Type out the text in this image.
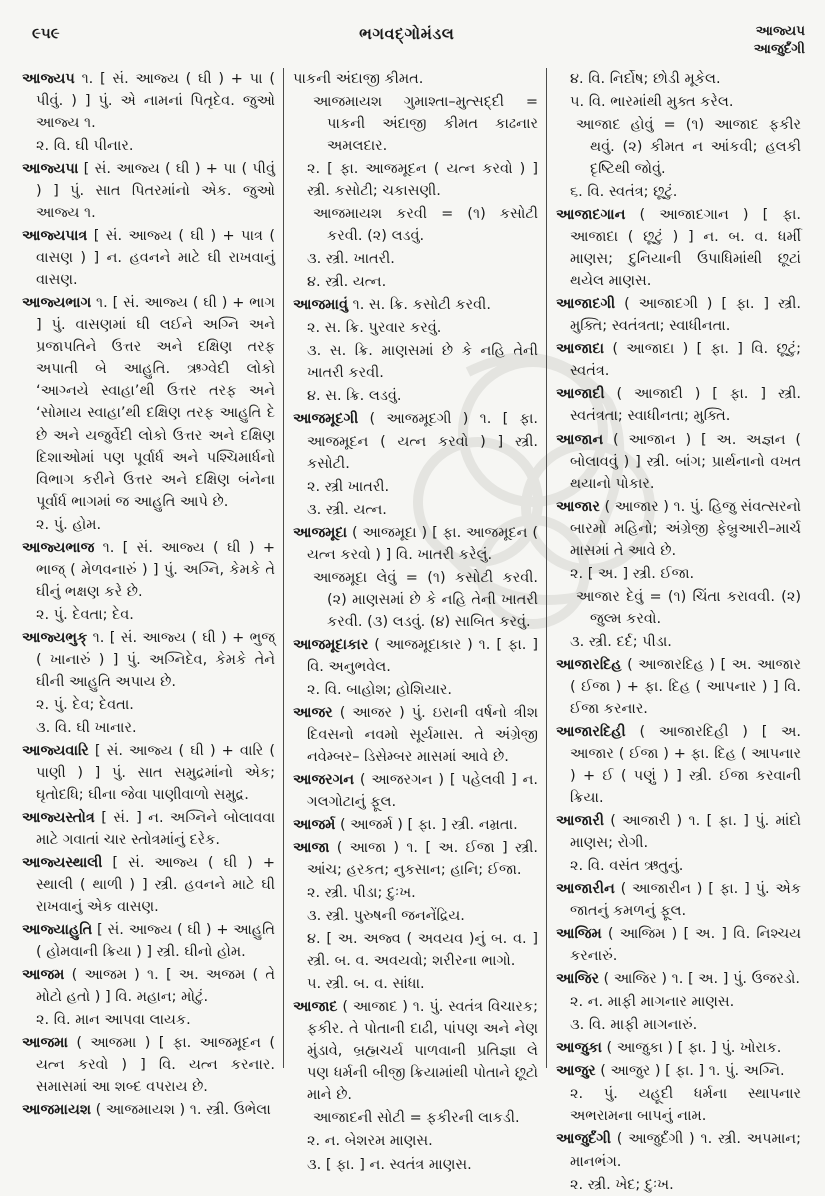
૯૫૯	ભગવદ્ગોમંડલ	આજ્યપ
આજુર્દંગી

આજ્યપ ૧. [ સં. આજ્ય ( ઘી ) + પા ( પીવું. ) ] પું. એ નામનાં પિતૃદેવ. જુઓ આજ્ય ૧.

૨. વિ. ઘી પીનાર.

આજ્યપા [ સં. આજ્ય ( ઘી ) + પા ( પીવું ) ] પું. સાત પિતરમાંનો એક. જુઓ આજ્ય ૧.

આજ્યપાત્ર [ સં. આજ્ય ( ઘી ) + પાત્ર ( વાસણ ) ] ન. હવનને માટે ઘી રાખવાનું વાસણ.

આજ્યભાગ ૧. [ સં. આજ્ય ( ઘી ) + ભાગ ] પું. વાસણમાં ઘી લઈને અગ્નિ અને પ્રજાપતિને ઉત્તર અને દક્ષિણ તરફ અપાતી બે આહુતિ. ઋગ્વેદી લોકો ‘આગ્નયે સ્વાહા’થી ઉત્તર તરફ અને ‘સોમાય સ્વાહા’થી દક્ષિણ તરફ આહુતિ દે છે અને યજુર્વેદી લોકો ઉત્તર અને દક્ષિણ દિશાઓમાં પણ પૂર્વાર્ધ અને પશ્ચિમાર્ધનો વિભાગ કરીને ઉત્તર અને દક્ષિણ બંનેના પૂર્વાર્ધ ભાગમાં જ આહુતિ આપે છે.

૨. પું. હોમ.

આજ્યભાજ ૧. [ સં. આજ્ય ( ઘી ) + ભાજ્ ( મેળવનારું ) ] પું. અગ્નિ, કેમકે તે ઘીનું ભક્ષણ કરે છે.

૨. પું. દેવતા; દેવ.

આજ્યભુક્ ૧. [ સં. આજ્ય ( ઘી ) + ભુજ્ ( ખાનારું ) ] પું. અગ્નિદેવ, કેમકે તેને ઘીની આહુતિ અપાય છે.

૨. પું. દેવ; દેવતા.

૩. વિ. ઘી ખાનાર.

આજ્યવારિ [ સં. આજ્ય ( ઘી ) + વારિ ( પાણી ) ] પું. સાત સમુદ્રમાંનો એક; ઘૃતોદધિ; ઘીના જેવા પાણીવાળો સમુદ્ર.

આજ્યસ્તોત્ર [ સં. ] ન. અગ્નિને બોલાવવા માટે ગવાતાં ચાર સ્તોત્રમાંનું દરેક.

આજ્યસ્થાલી [ સં. આજ્ય ( ઘી ) + સ્થાલી ( થાળી ) ] સ્ત્રી. હવનને માટે ઘી રાખવાનું એક વાસણ.

આજ્યાહુતિ [ સં. આજ્ય ( ઘી ) + આહુતિ ( હોમવાની ક્રિયા ) ] સ્ત્રી. ઘીનો હોમ.

આજમ ( આજમ ) ૧. [ અ. અજમ ( તે મોટો હતો ) ] વિ. મહાન; મોટું.

૨. વિ. માન આપવા લાયક.

આજમા ( આજમા ) [ ફા. આજમૂદન ( યત્ન કરવો ) ] વિ. યત્ન કરનાર. સમાસમાં આ શબ્દ વપરાય છે.

આજમાયશ ( આજમાયશ ) ૧. સ્ત્રી. ઉભેલા

પાકની અંદાજી કીમત.

આજમાયશ ગુમાશ્તા–મુત્સદ્દી = પાકની અંદાજી કીમત કાઢનાર અમલદાર.

૨. [ ફા. આજમૂદન ( યત્ન કરવો ) ] સ્ત્રી. કસોટી; ચકાસણી.

આજમાયશ કરવી = (૧) કસોટી કરવી. (૨) લડવું.

૩. સ્ત્રી. ખાતરી.

૪. સ્ત્રી. યત્ન.

આજમાવું ૧. સ. ક્રિ. કસોટી કરવી.

૨. સ. ક્રિ. પુરવાર કરવું.

૩. સ. ક્રિ. માણસમાં છે કે નહિ તેની ખાતરી કરવી.

૪. સ. ક્રિ. લડવું.

આજમૂદગી ( આજમૂદગી ) ૧. [ ફા. આજમૂદન ( યત્ન કરવો ) ] સ્ત્રી. કસોટી.

૨. સ્ત્રી ખાતરી.

૩. સ્ત્રી. યત્ન.

આજમૂદા ( આજમૂદા ) [ ફા. આજમૂદન ( યત્ન કરવો ) ] વિ. ખાતરી કરેલું.

આજમૂદા લેવું = (૧) કસોટી કરવી. (૨) માણસમાં છે કે નહિ તેની ખાતરી કરવી. (૩) લડવું. (૪) સાબિત કરવું.

આજમૂદાકાર ( આજમૂદાકાર ) ૧. [ ફા. ] વિ. અનુભવેલ.

૨. વિ. બાહોશ; હોશિયાર.

આજર ( આજર ) પું. ઇરાની વર્ષનો ત્રીશ દિવસનો નવમો સૂર્યમાસ. તે અંગ્રેજી નવેમ્બર– ડિસેમ્બર માસમાં આવે છે.

આજરગન ( આજરગન ) [ પહેલવી ] ન. ગલગોટાનું ફૂલ.

આજર્મ ( આજર્મ ) [ ફા. ] સ્ત્રી. નમ્રતા.

આજા ( આજા ) ૧. [ અ. ઈજા ] સ્ત્રી. આંચ; હરકત; નુકસાન; હાનિ; ઈજા.

૨. સ્ત્રી. પીડા; દુઃખ.

૩. સ્ત્રી. પુરુષની જનનેંદ્રિય.

૪. [ અ. અજ્વ ( અવયવ )નું બ. વ. ] સ્ત્રી. બ. વ. અવયવો; શરીરના ભાગો.

૫. સ્ત્રી. બ. વ. સાંધા.

આજાદ ( આજાદ ) ૧. પું. સ્વતંત્ર વિચારક; ફકીર. તે પોતાની દાઢી, પાંપણ અને નેણ મુંડાવે, બ્રહ્મચર્ય પાળવાની પ્રતિજ્ઞા લે પણ ધર્મની બીજી ક્રિયામાંથી પોતાને છૂટો માને છે.

આજાદની સોટી = ફકીરની લાકડી.

૨. ન. બેશરમ માણસ.

૩. [ ફા. ] ન. સ્વતંત્ર માણસ.

૪. વિ. નિર્દોષ; છોડી મૂકેલ.

૫. વિ. ભારમાંથી મુક્ત કરેલ.

આજાદ હોવું = (૧) આજાદ ફકીર થવું. (૨) કીમત ન આંકવી; હલકી દૃષ્ટિથી જોવું.

૬. વિ. સ્વતંત્ર; છૂટું.

આજાદગાન ( આજાદગાન ) [ ફા. આજાદા ( છૂટું ) ] ન. બ. વ. ધર્મી માણસ; દુનિયાની ઉપાધિમાંથી છૂટાં થયેલ માણસ.

આજાદગી ( આજાદગી ) [ ફા. ] સ્ત્રી. મુક્તિ; સ્વતંત્રતા; સ્વાધીનતા.

આજાદા ( આજાદા ) [ ફા. ] વિ. છૂટું; સ્વતંત્ર.

આજાદી ( આજાદી ) [ ફા. ] સ્ત્રી. સ્વતંત્રતા; સ્વાધીનતા; મુક્તિ.

આજાન ( આજાન ) [ અ. અજ્ઞન ( બોલાવવું ) ] સ્ત્રી. બાંગ; પ્રાર્થનાનો વખત થયાનો પોકાર.

આજાર ( આજાર ) ૧. પું. હિજુ સંવત્સરનો બારમો મહિનો; અંગ્રેજી ફેબ્રુઆરી–માર્ચ માસમાં તે આવે છે.

૨. [ અ. ] સ્ત્રી. ઈજા.

આજાર દેવું = (૧) ચિંતા કરાવવી. (૨) જુલ્મ કરવો.

૩. સ્ત્રી. દર્દ; પીડા.

આજારદિહ ( આજારદિહ ) [ અ. આજાર ( ઈજા ) + ફા. દિહ ( આપનાર ) ] વિ. ઈજા કરનાર.

આજારદિહી ( આજારદિહી ) [ અ. આજાર ( ઈજા ) + ફા. દિહ ( આપનાર ) + ઈ ( પણું ) ] સ્ત્રી. ઈજા કરવાની ક્રિયા.

આજારી ( આજારી ) ૧. [ ફા. ] પું. માંદો માણસ; રોગી.

૨. વિ. વસંત ઋતુનું.

આજારીન ( આજારીન ) [ ફા. ] પું. એક જાતનું કમળનું ફૂલ.

આજિમ ( આજિમ ) [ અ. ] વિ. નિશ્ચય કરનારું.

આજિર ( આજિર ) ૧. [ અ. ] પું. ઉજરડો.

૨. ન. માફી માગનાર માણસ.

૩. વિ. માફી માગનારું.

આજુકા ( આજુકા ) [ ફા. ] પું. ખોરાક.

આજુર ( આજુર ) [ ફા. ] ૧. પું. અગ્નિ.

૨. પું. યહૂદી ધર્મના સ્થાપનાર અભરામના બાપનું નામ.

આજુર્દંગી ( આજુર્દંગી ) ૧. સ્ત્રી. અપમાન; માનભંગ.

૨. સ્ત્રી. ખેદ; દુઃખ.
